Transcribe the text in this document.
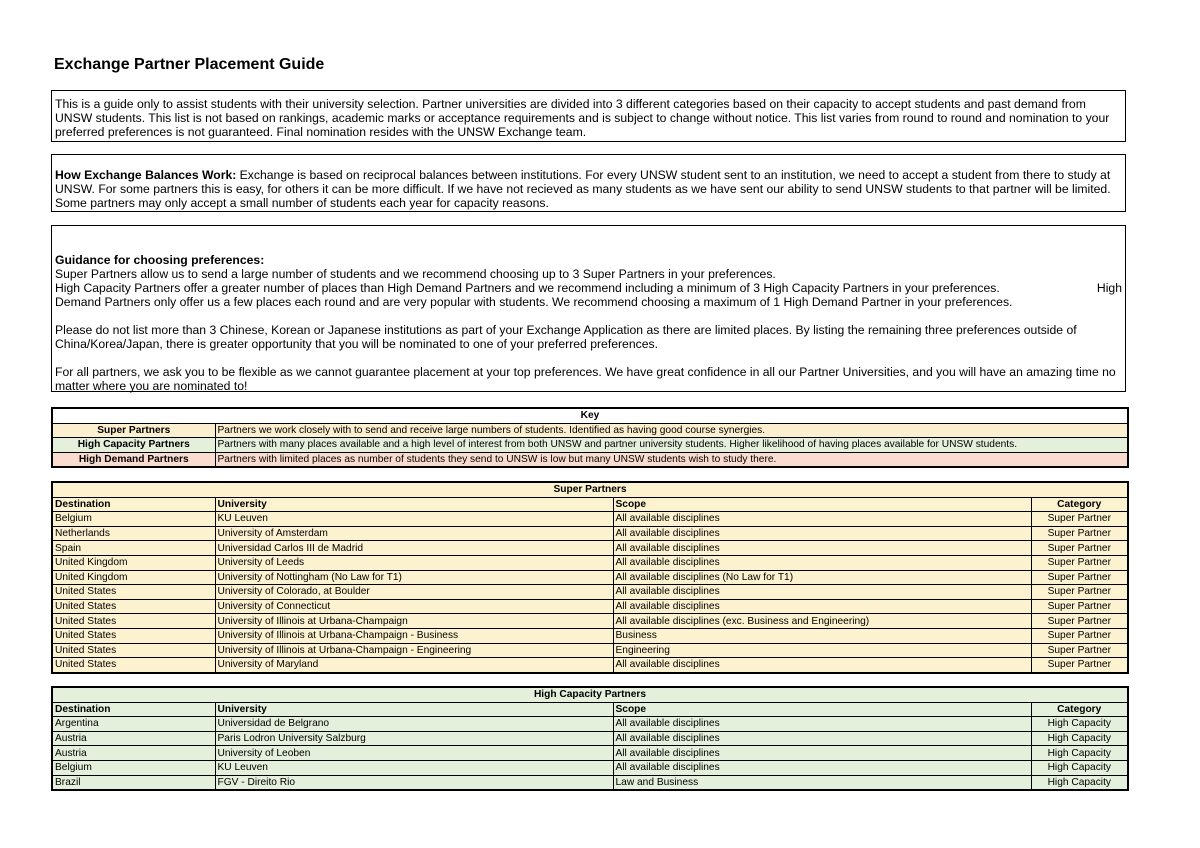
Exchange Partner Placement Guide

This is a guide only to assist students with their university selection. Partner universities are divided into 3 different categories based on their capacity to accept students and past demand from UNSW students. This list is not based on rankings, academic marks or acceptance requirements and is subject to change without notice. This list varies from round to round and nomination to your preferred preferences is not guaranteed. Final nomination resides with the UNSW Exchange team.

How Exchange Balances Work: Exchange is based on reciprocal balances between institutions. For every UNSW student sent to an institution, we need to accept a student from there to study at UNSW. For some partners this is easy, for others it can be more difficult. If we have not recieved as many students as we have sent our ability to send UNSW students to that partner will be limited. Some partners may only accept a small number of students each year for capacity reasons.

Guidance for choosing preferences:

Super Partners allow us to send a large number of students and we recommend choosing up to 3 Super Partners in your preferences.

High Capacity Partners offer a greater number of places than High Demand Partners and we recommend including a minimum of 3 High Capacity Partners in your preferences.	High

Demand Partners only offer us a few places each round and are very popular with students. We recommend choosing a maximum of 1 High Demand Partner in your preferences.

Please do not list more than 3 Chinese, Korean or Japanese institutions as part of your Exchange Application as there are limited places. By listing the remaining three preferences outside of China/Korea/Japan, there is greater opportunity that you will be nominated to one of your preferred preferences.

For all partners, we ask you to be flexible as we cannot guarantee placement at your top preferences. We have great confidence in all our Partner Universities, and you will have an amazing time no matter where you are nominated to!

Key	
Super Partners	Partners we work closely with to send and receive large numbers of students. Identified as having good course synergies.
High Capacity Partners	Partners with many places available and a high level of interest from both UNSW and partner university students. Higher likelihood of having places available for UNSW students.
High Demand Partners	Partners with limited places as number of students they send to UNSW is low but many UNSW students wish to study there.
Super Partners			
Destination	University	Scope	Category
Belgium	KU Leuven	All available disciplines	Super Partner
Netherlands	University of Amsterdam	All available disciplines	Super Partner
Spain	Universidad Carlos III de Madrid	All available disciplines	Super Partner
United Kingdom	University of Leeds	All available disciplines	Super Partner
United Kingdom	University of Nottingham (No Law for T1)	All available disciplines (No Law for T1)	Super Partner
United States	University of Colorado, at Boulder	All available disciplines	Super Partner
United States	University of Connecticut	All available disciplines	Super Partner
United States	University of Illinois at Urbana-Champaign	All available disciplines (exc. Business and Engineering)	Super Partner
United States	University of Illinois at Urbana-Champaign - Business	Business	Super Partner
United States	University of Illinois at Urbana-Champaign - Engineering	Engineering	Super Partner
United States	University of Maryland	All available disciplines	Super Partner
High Capacity Partners			
Destination	University	Scope	Category
Argentina	Universidad de Belgrano	All available disciplines	High Capacity
Austria	Paris Lodron University Salzburg	All available disciplines	High Capacity
Austria	University of Leoben	All available disciplines	High Capacity
Belgium	KU Leuven	All available disciplines	High Capacity
Brazil	FGV - Direito Rio	Law and Business	High Capacity
